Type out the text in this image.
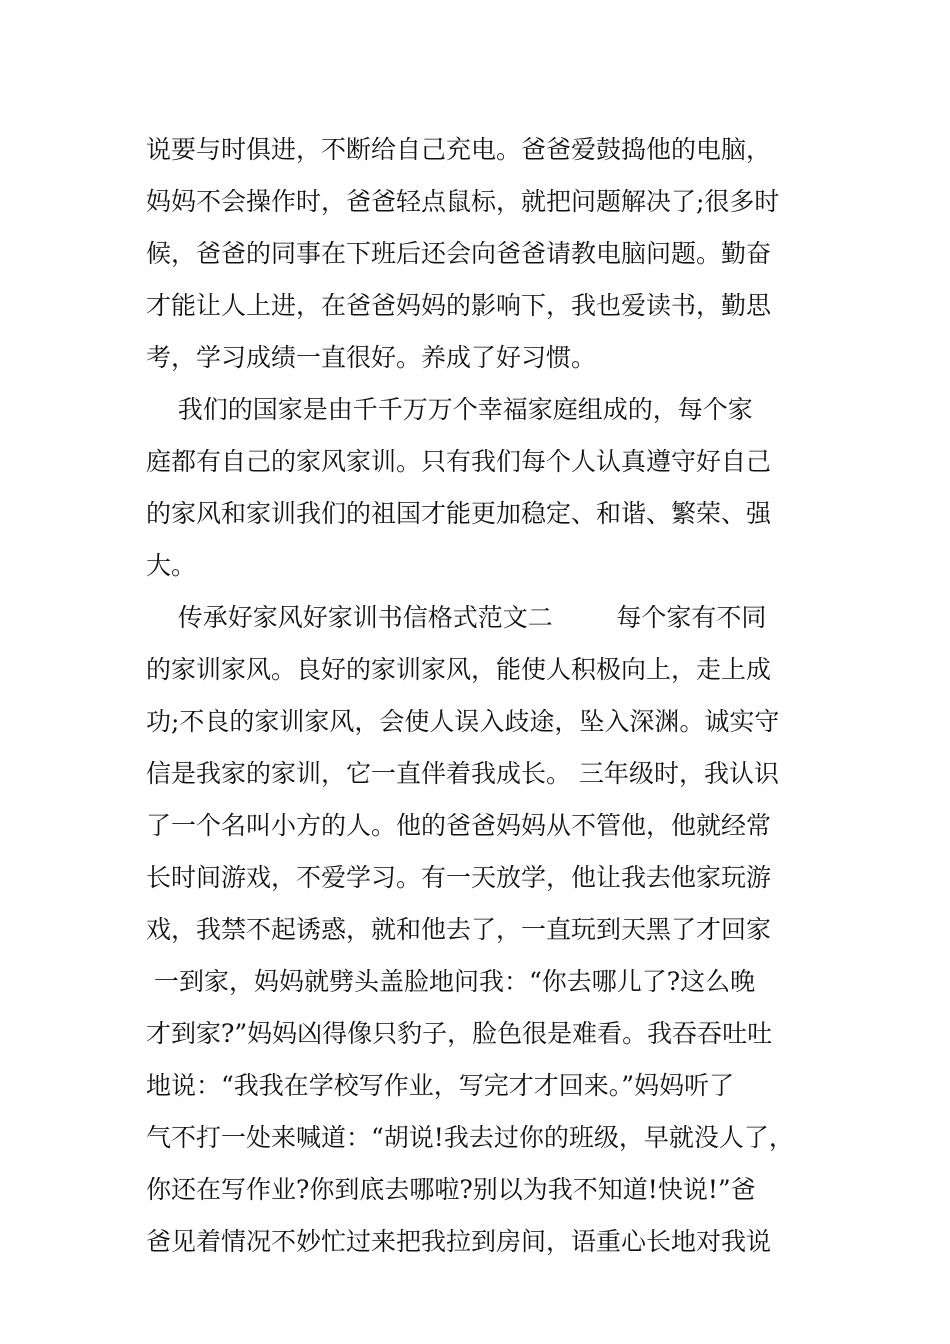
说要与时俱进，不断给自己充电。爸爸爱鼓捣他的电脑，
妈妈不会操作时，爸爸轻点鼠标，就把问题解决了;很多时
候，爸爸的同事在下班后还会向爸爸请教电脑问题。勤奋
才能让人上进，在爸爸妈妈的影响下，我也爱读书，勤思
考，学习成绩一直很好。养成了好习惯。
我们的国家是由千千万万个幸福家庭组成的，每个家
庭都有自己的家风家训。只有我们每个人认真遵守好自己
的家风和家训我们的祖国才能更加稳定、和谐、繁荣、强
大。
传承好家风好家训书信格式范文二        每个家有不同
的家训家风。良好的家训家风，能使人积极向上，走上成
功;不良的家训家风，会使人误入歧途，坠入深渊。诚实守
信是我家的家训，它一直伴着我成长。 三年级时，我认识
了一个名叫小方的人。他的爸爸妈妈从不管他，他就经常
长时间游戏，不爱学习。有一天放学，他让我去他家玩游
戏，我禁不起诱惑，就和他去了，一直玩到天黑了才回家
一到家，妈妈就劈头盖脸地问我：“你去哪儿了?这么晚
才到家?”妈妈凶得像只豹子，脸色很是难看。我吞吞吐吐
地说：“我我在学校写作业，写完才才回来。”妈妈听了
气不打一处来喊道：“胡说!我去过你的班级，早就没人了，
你还在写作业?你到底去哪啦?别以为我不知道!快说!”爸
爸见着情况不妙忙过来把我拉到房间，语重心长地对我说
